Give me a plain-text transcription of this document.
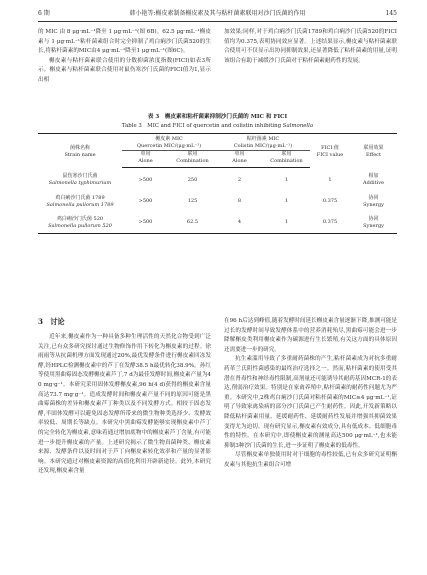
6 期	韩小艳等:槲皮素制备槲皮素及其与粘杆菌素联用对沙门氏菌的作用	145

的 MIC 由 8 μg·mL⁻¹降至 1 μg·mL⁻¹(图 6B)。62.5 μg·mL⁻¹槲皮素与 1 μg·mL⁻¹粘杆菌素组合时完全抑制了鸡白痢沙门氏菌520的生长,将粘杆菌素的MIC由4 μg·mL⁻¹降至1 μg·mL⁻¹(图6C)。

槲皮素与粘杆菌素联合使用的分数抑菌浓度指数(FICI)如表3所示。槲皮素与粘杆菌素联合使用对鼠伤寒沙门氏菌的FICI值为1,显示出相

加效果;同样,对于鸡白痢沙门氏菌1789和鸡白痢沙门氏菌520的FICI值均为0.375,表明协同效应显著。上述结果显示,槲皮素与粘杆菌素联合使用可不仅显示出协同抑制效果,还显著降低了粘杆菌素的用量,证明该组合有助于减缓沙门氏菌对于粘杆菌素耐药性的发展。

表 3　槲皮素和粘杆菌素抑制沙门氏菌的 MIC 和 FICI
Table 3　MIC and FICI of quercetin and colistin inhibiting Salmonella
菌株名称
Strain name	槲皮素 MIC
Quercetin MIC/(μg·mL⁻¹)		粘杆菌素 MIC
Colistin MIC/(μg·mL⁻¹)		FICI 值
FICI value	联用效果
Effect
	单用	联用	单用	联用		
	Alone	Combination	Alone	Combination		
鼠伤寒沙门氏菌
Salmonella typhimurium	>500	250	2	1	1	相加
Additive
鸡白痢沙门氏菌 1789
Salmonella pullorum 1789	>500	125	8	1	0.375	协同
Synergy
鸡白痢沙门氏菌 520
Salmonella pullorum 520	>500	62.5	4	1	0.375	协同
Synergy
3　讨论

近年来,槲皮素作为一种具备多种生理活性的天然化合物受到广泛关注,已有众多研究探讨通过生物修饰作用下转化为槲皮素的过程。徐雨雨等从抗菌机理方面发现通过20%,最优发酵条件进行槲皮素回冻发酵,经HPLC检测槲皮素中的芦丁在发酵38.5 h最优转化38.9%。孙红 等使用黑曲霉固态发酵槲皮素芦丁,7 d为最佳发酵时间,槲皮素产量为40 mg·g⁻¹。本研究采用固体发酵槲皮素,96 h(4 d)获得的槲皮素含量高达73.7 mg·g⁻¹。造成发酵时间和槲皮素产量不同的原因可能是黑曲霉菌株的差异和槲皮素芦丁种类以及不同发酵方式。相较于固态发酵,半固体发酵可以避免固态发酵所带来的微生物种类选择少、发酵效率较低、周期长等缺点。本研究中黑曲霉发酵能够实现槲皮素中芦丁的完全转化为槲皮素,意味着通过增加底物中的槲皮素芦丁含量,有可能进一步提升槲皮素的产量。上述研究揭示了微生物真菌种类、槲皮素来源、发酵条件以及时间对于芦丁向槲皮素转化效率和产量的显著影响。本研究通过对槲皮素资源的高值化利用开辟新途径。此外,本研究还发现,槲皮素含量

在96 h后达到峰值,随着发酵时间延长槲皮素含量逐渐下降,推测可能是过长的发酵时间导致发酵体系中的营养消耗殆尽,黑曲霉可能会进一步降解槲皮类利用槲皮素作为碳源进行生长繁殖,有关这方面的具体原因还需要进一步的研究。

抗生素滥用导致了多重耐药菌株的产生,粘杆菌素成为对抗多重耐药革兰氏阴性菌感染的最终治疗选择之一。然而,粘杆菌素的使用受其潜在肾毒性和神经毒性限制,高剂量还可能诱导其耐药基因MCR-1的表达,削弱治疗效果。特别是在家禽养殖中,粘杆菌素的耐药性问题尤为严重。本研究中,2株鸡白痢沙门氏菌对粘杆菌素的MIC≥4 μg·mL⁻¹,证明了导致家禽染病的部分沙门氏菌已产生耐药性。因此,开发新策略以降低粘杆菌素用量、延缓耐药性、延缓耐药性发展并增强其抑菌效果变得尤为迫切。现有研究显示,槲皮素有效成分,具有低成本、低细胞毒性的特性。在本研究中,即使槲皮素的测量高达500 μg·mL⁻¹,也未能抑制3种沙门氏菌的生长,进一步证明了槲皮素的低毒性。

尽管槲皮素单独使用时对于细胞的毒性较低,已有众多研究证明槲皮素与其他抗生素组合可增
